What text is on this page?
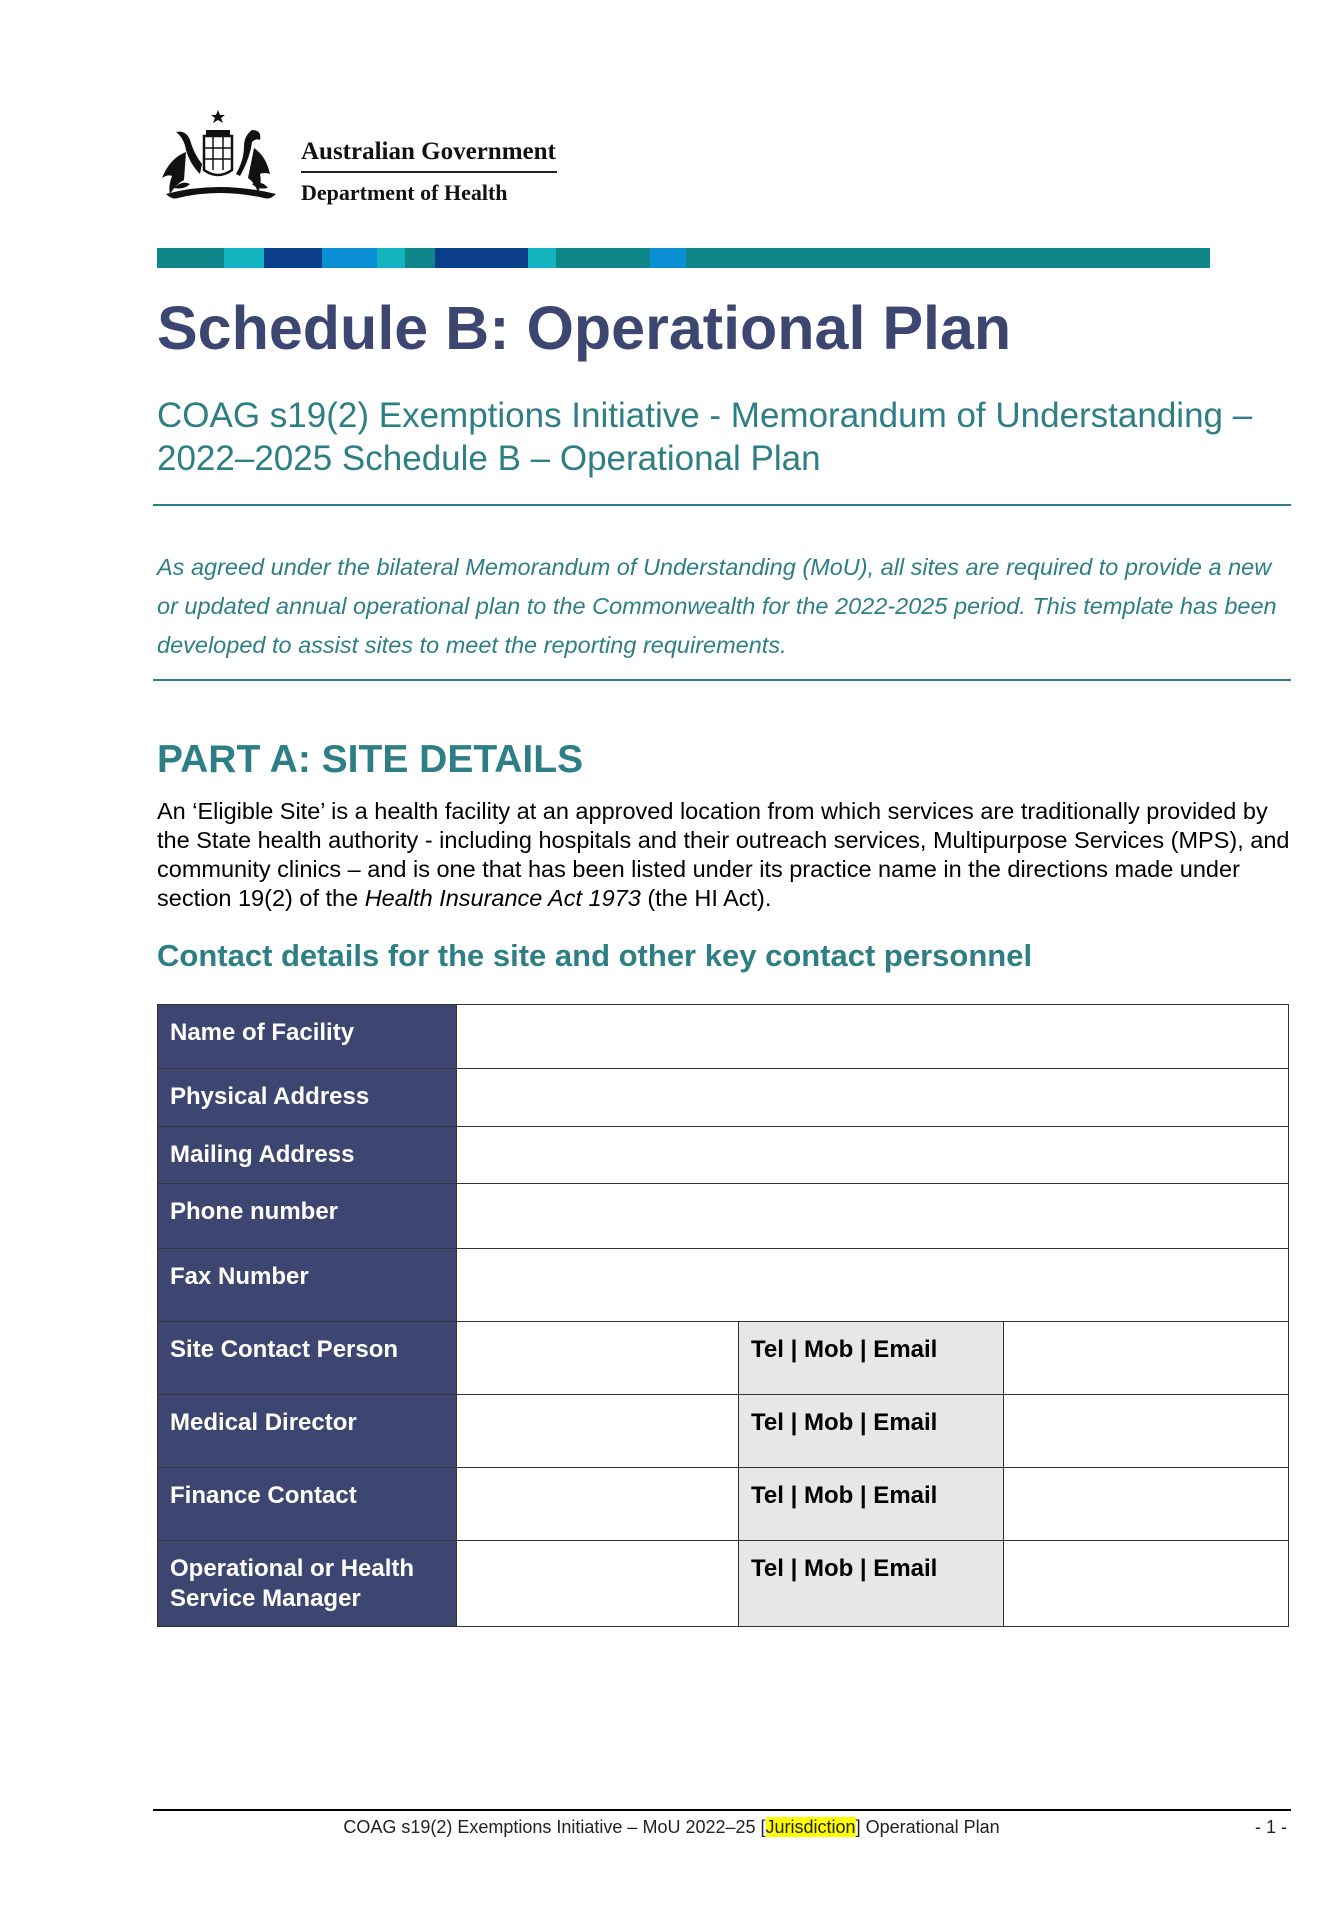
Australian Government
Department of Health
Schedule B: Operational Plan

COAG s19(2) Exemptions Initiative - Memorandum of Understanding – 2022–2025 Schedule B – Operational Plan

As agreed under the bilateral Memorandum of Understanding (MoU), all sites are required to provide a new or updated annual operational plan to the Commonwealth for the 2022-2025 period. This template has been developed to assist sites to meet the reporting requirements.

PART A: SITE DETAILS

An ‘Eligible Site’ is a health facility at an approved location from which services are traditionally provided by the State health authority - including hospitals and their outreach services, Multipurpose Services (MPS), and community clinics – and is one that has been listed under its practice name in the directions made under section 19(2) of the Health Insurance Act 1973 (the HI Act).

Contact details for the site and other key contact personnel
Name of Facility			
Physical Address			
Mailing Address			
Phone number			
Fax Number			
Site Contact Person		Tel | Mob | Email	
Medical Director		Tel | Mob | Email	
Finance Contact		Tel | Mob | Email	
Operational or Health Service Manager		Tel | Mob | Email	
COAG s19(2) Exemptions Initiative – MoU 2022–25 [Jurisdiction] Operational Plan	- 1 -
